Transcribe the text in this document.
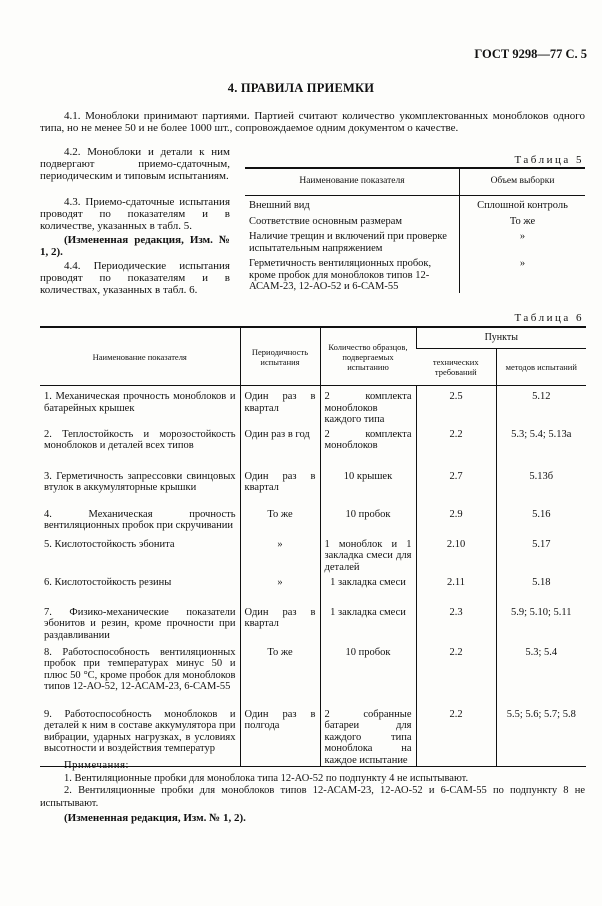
ГОСТ 9298—77 С. 5
4. ПРАВИЛА ПРИЕМКИ
4.1. Моноблоки принимают партиями. Партией считают количество укомплектованных моноблоков одного типа, но не менее 50 и не более 1000 шт., сопровождаемое одним документом о качестве.
4.2. Моноблоки и детали к ним подвергают приемо-сдаточным, периодическим и типовым испытаниям.
4.3. Приемо-сдаточные испытания проводят по показателям и в количестве, указанных в табл. 5.
(Измененная редакция, Изм. № 1, 2).
4.4. Периодические испытания проводят по показателям и в количествах, указанных в табл. 6.
Таблица 5
Наименование показателя	Объем выборки
Внешний вид	Сплошной контроль
Соответствие основным размерам	То же
Наличие трещин и включений при проверке испытательным напряжением	»
Герметичность вентиляционных пробок, кроме пробок для моноблоков типов 12-АСАМ-23, 12-АО-52 и 6-САМ-55	»
Таблица 6
Наименование показателя	Периодичность испытания	Количество образцов, подвергаемых испытанию	Пункты	
			технических требований	методов испытаний
1. Механическая прочность моноблоков и батарейных крышек	Один раз в квартал	2 комплекта моноблоков каждого типа	2.5	5.12
2. Теплостойкость и морозостойкость моноблоков и деталей всех типов	Один раз в год	2 комплекта моноблоков	2.2	5.3; 5.4; 5.13а
3. Герметичность запрессовки свинцовых втулок в аккумуляторные крышки	Один раз в квартал	10 крышек	2.7	5.13б
4. Механическая прочность вентиляционных пробок при скручивании	То же	10 пробок	2.9	5.16
5. Кислотостойкость эбонита	»	1 моноблок и 1 закладка смеси для деталей	2.10	5.17
6. Кислотостойкость резины	»	1 закладка смеси	2.11	5.18
7. Физико-механические показатели эбонитов и резин, кроме прочности при раздавливании	Один раз в квартал	1 закладка смеси	2.3	5.9; 5.10; 5.11
8. Работоспособность вентиляционных пробок при температурах минус 50 и плюс 50 °С, кроме пробок для моноблоков типов 12-АО-52, 12-АСАМ-23, 6-САМ-55	То же	10 пробок	2.2	5.3; 5.4
9. Работоспособность моноблоков и деталей к ним в составе аккумулятора при вибрации, ударных нагрузках, в условиях высотности и воздействия температур	Один раз в полгода	2 собранные батареи для каждого типа моноблока на каждое испытание	2.2	5.5; 5.6; 5.7; 5.8
Примечания:
1. Вентиляционные пробки для моноблока типа 12-АО-52 по подпункту 4 не испытывают.
2. Вентиляционные пробки для моноблоков типов 12-АСАМ-23, 12-АО-52 и 6-САМ-55 по подпункту 8 не испытывают.
(Измененная редакция, Изм. № 1, 2).
